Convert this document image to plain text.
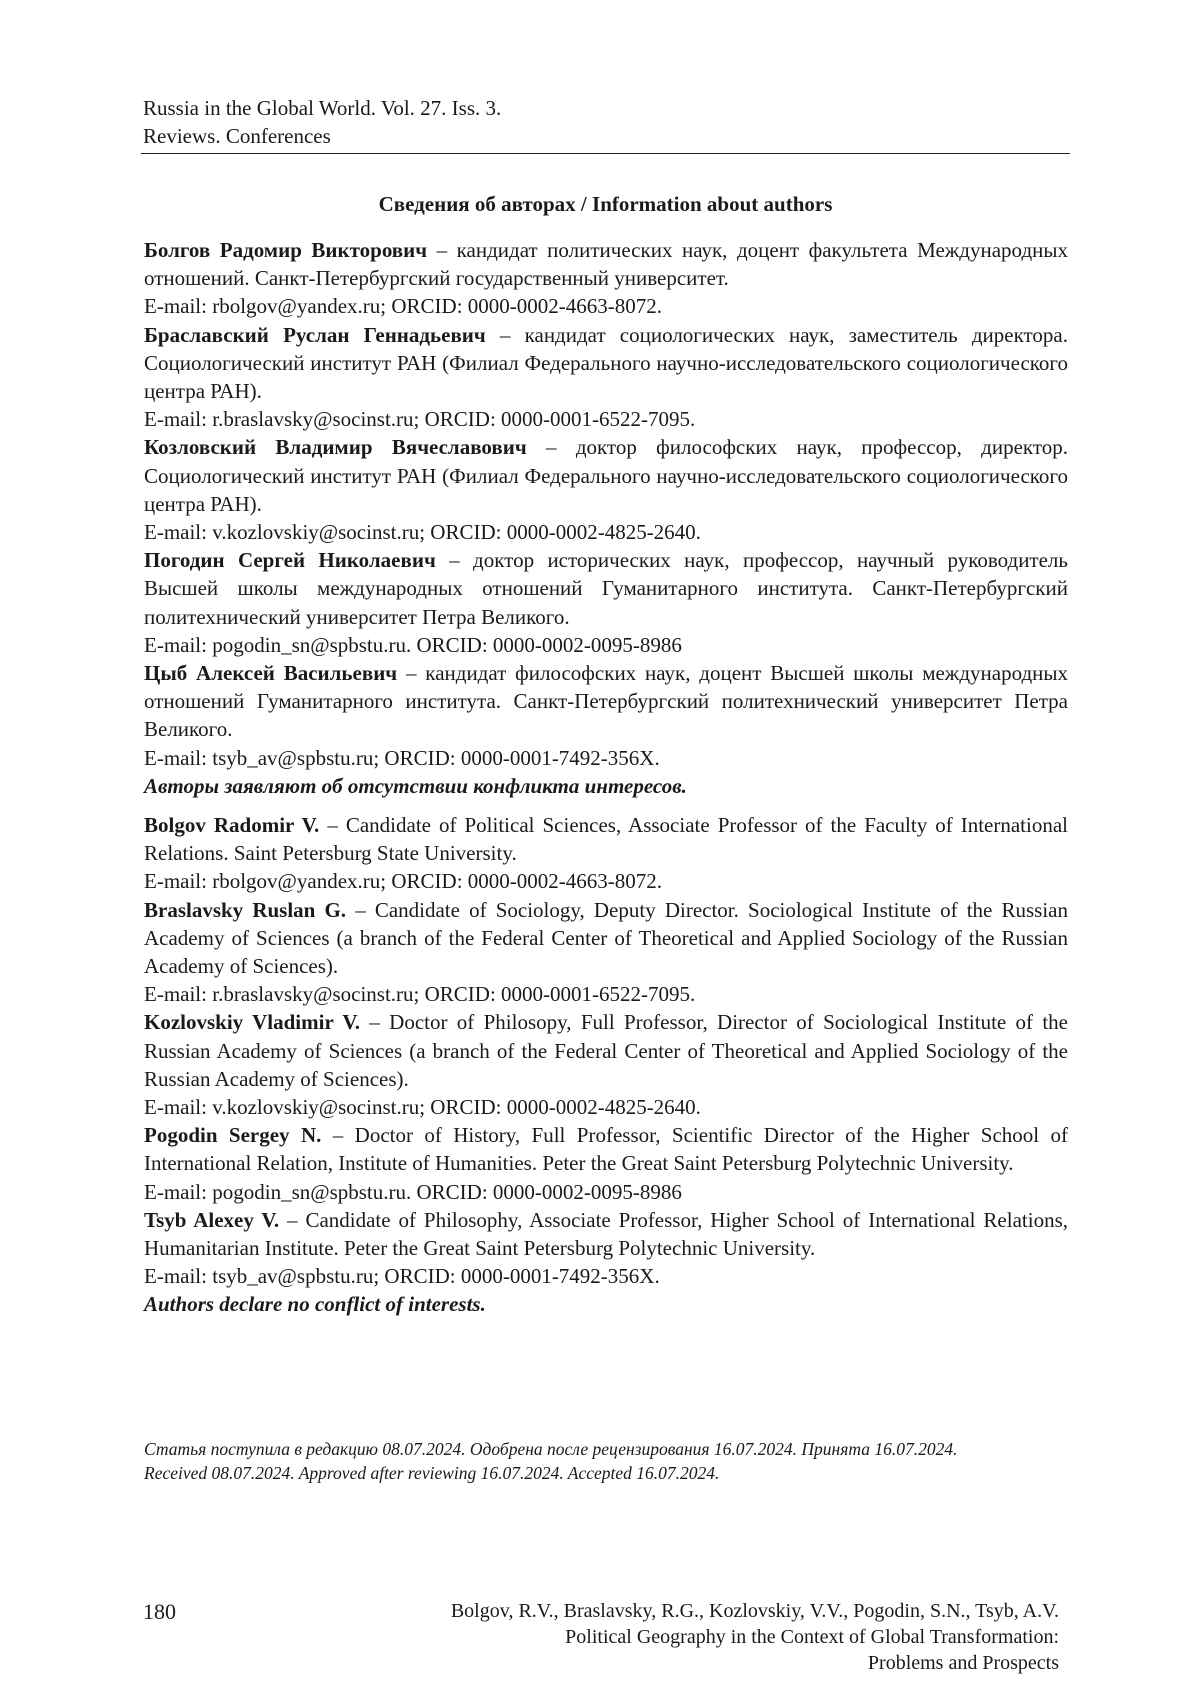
Russia in the Global World. Vol. 27. Iss. 3.
Reviews. Conferences
Сведения об авторах / Information about authors

Болгов Радомир Викторович – кандидат политических наук, доцент факультета Международных отношений. Санкт-Петербургский государственный университет.

E-mail: rbolgov@yandex.ru; ORCID: 0000-0002-4663-8072.

Браславский Руслан Геннадьевич – кандидат социологических наук, заместитель директора. Социологический институт РАН (Филиал Федерального научно-исследовательского социологического центра РАН).

E-mail: r.braslavsky@socinst.ru; ORCID: 0000-0001-6522-7095.

Козловский Владимир Вячеславович – доктор философских наук, профессор, директор. Социологический институт РАН (Филиал Федерального научно-исследовательского социологического центра РАН).

E-mail: v.kozlovskiy@socinst.ru; ORCID: 0000-0002-4825-2640.

Погодин Сергей Николаевич – доктор исторических наук, профессор, научный руководитель Высшей школы международных отношений Гуманитарного института. Санкт-Петербургский политехнический университет Петра Великого.

E-mail: pogodin_sn@spbstu.ru. ORCID: 0000-0002-0095-8986

Цыб Алексей Васильевич – кандидат философских наук, доцент Высшей школы международных отношений Гуманитарного института. Санкт-Петербургский политехнический университет Петра Великого.

E-mail: tsyb_av@spbstu.ru; ORCID: 0000-0001-7492-356X.

Авторы заявляют об отсутствии конфликта интересов.

Bolgov Radomir V. – Candidate of Political Sciences, Associate Professor of the Faculty of International Relations. Saint Petersburg State University.

E-mail: rbolgov@yandex.ru; ORCID: 0000-0002-4663-8072.

Braslavsky Ruslan G. – Candidate of Sociology, Deputy Director. Sociological Institute of the Russian Academy of Sciences (a branch of the Federal Center of Theoretical and Applied Sociology of the Russian Academy of Sciences).

E-mail: r.braslavsky@socinst.ru; ORCID: 0000-0001-6522-7095.

Kozlovskiy Vladimir V. – Doctor of Philosopy, Full Professor, Director of Sociological Institute of the Russian Academy of Sciences (a branch of the Federal Center of Theoretical and Applied Sociology of the Russian Academy of Sciences).

E-mail: v.kozlovskiy@socinst.ru; ORCID: 0000-0002-4825-2640.

Pogodin Sergey N. – Doctor of History, Full Professor, Scientific Director of the Higher School of International Relation, Institute of Humanities. Peter the Great Saint Petersburg Polytechnic University.

E-mail: pogodin_sn@spbstu.ru. ORCID: 0000-0002-0095-8986

Tsyb Alexey V. – Candidate of Philosophy, Associate Professor, Higher School of International Relations, Humanitarian Institute. Peter the Great Saint Petersburg Polytechnic University.

E-mail: tsyb_av@spbstu.ru; ORCID: 0000-0001-7492-356X.

Authors declare no conflict of interests.

Статья поступила в редакцию 08.07.2024. Одобрена после рецензирования 16.07.2024. Принята 16.07.2024.

Received 08.07.2024. Approved after reviewing 16.07.2024. Accepted 16.07.2024.

180	Bolgov, R.V., Braslavsky, R.G., Kozlovskiy, V.V., Pogodin, S.N., Tsyb, A.V.

Political Geography in the Context of Global Transformation:

Problems and Prospects
